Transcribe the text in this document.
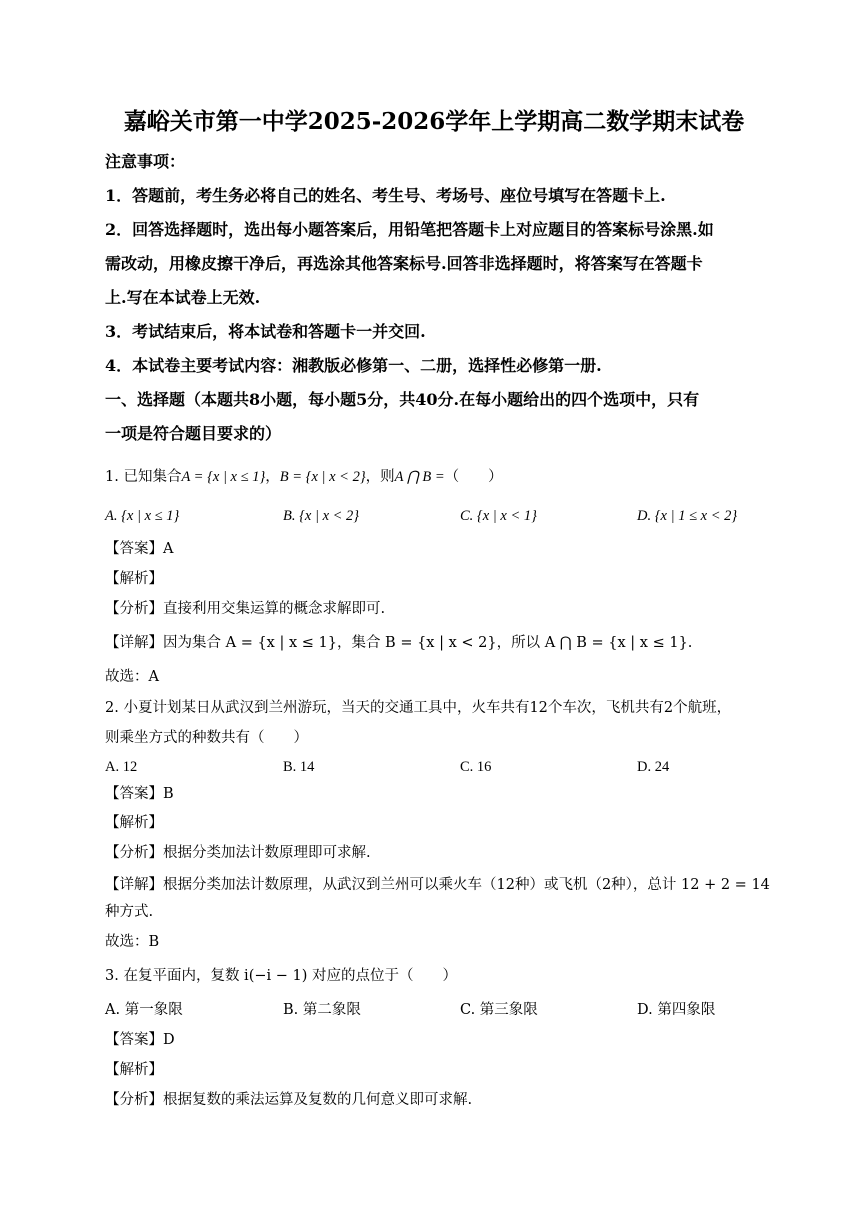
嘉峪关市第一中学2025-2026学年上学期高二数学期末试卷
注意事项：
1．答题前，考生务必将自己的姓名、考生号、考场号、座位号填写在答题卡上.
2．回答选择题时，选出每小题答案后，用铅笔把答题卡上对应题目的答案标号涂黑.如
需改动，用橡皮擦干净后，再选涂其他答案标号.回答非选择题时，将答案写在答题卡
上.写在本试卷上无效.
3．考试结束后，将本试卷和答题卡一并交回.
4．本试卷主要考试内容：湘教版必修第一、二册，选择性必修第一册.
一、选择题（本题共8小题，每小题5分，共40分.在每小题给出的四个选项中，只有
一项是符合题目要求的）
1. 已知集合A = {x | x ≤ 1}，B = {x | x < 2}，则A ⋂ B =（　　）
A. {x | x ≤ 1}	B. {x | x < 2}	C. {x | x < 1}	D. {x | 1 ≤ x < 2}
【答案】A
【解析】
【分析】直接利用交集运算的概念求解即可.
【详解】因为集合 A = {x | x ≤ 1}，集合 B = {x | x < 2}，所以 A ⋂ B = {x | x ≤ 1}.
故选：A
2. 小夏计划某日从武汉到兰州游玩，当天的交通工具中，火车共有12个车次，飞机共有2个航班，
则乘坐方式的种数共有（　　）
A. 12	B. 14	C. 16	D. 24
【答案】B
【解析】
【分析】根据分类加法计数原理即可求解.
【详解】根据分类加法计数原理，从武汉到兰州可以乘火车（12种）或飞机（2种），总计 12 + 2 = 14
种方式.
故选：B
3. 在复平面内，复数 i(−i − 1) 对应的点位于（　　）
A. 第一象限	B. 第二象限	C. 第三象限	D. 第四象限
【答案】D
【解析】
【分析】根据复数的乘法运算及复数的几何意义即可求解.
